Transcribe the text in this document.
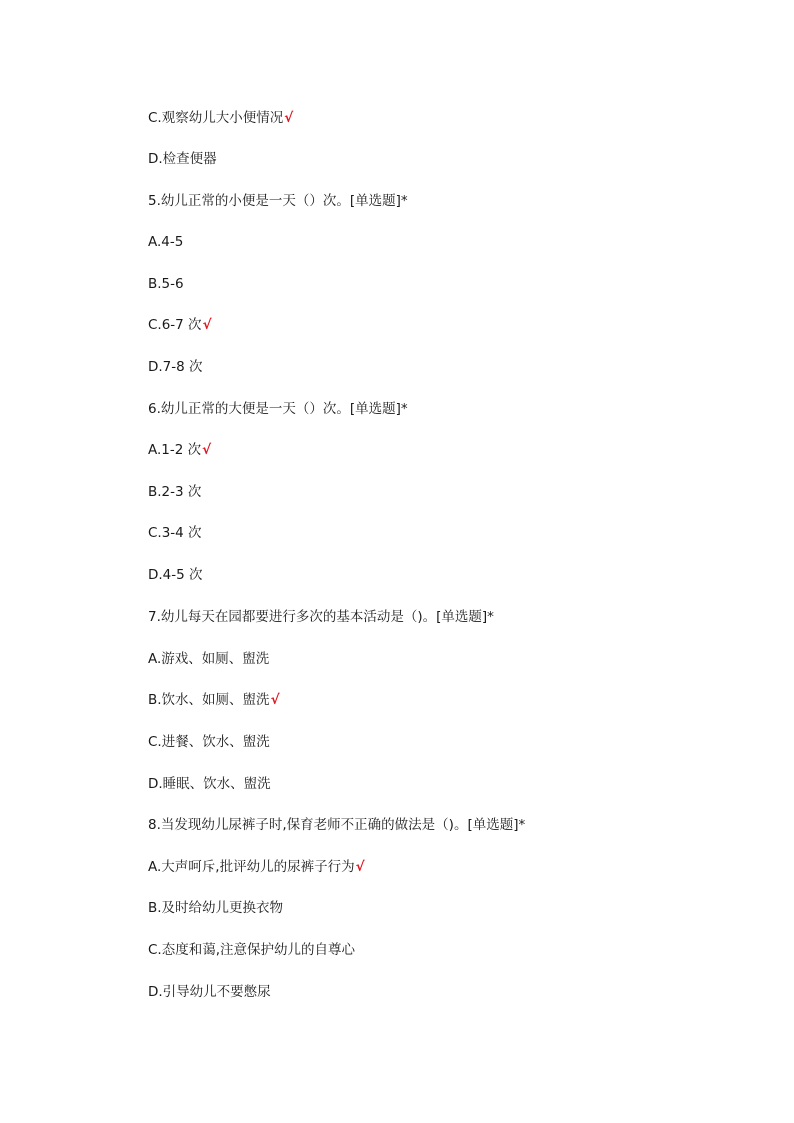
C.观察幼儿大小便情况√
D.检查便器
5.幼儿正常的小便是一天（）次。[单选题]*
A.4-5
B.5-6
C.6-7 次√
D.7-8 次
6.幼儿正常的大便是一天（）次。[单选题]*
A.1-2 次√
B.2-3 次
C.3-4 次
D.4-5 次
7.幼儿每天在园都要进行多次的基本活动是（)。[单选题]*
A.游戏、如厕、盥洗
B.饮水、如厕、盥洗√
C.进餐、饮水、盥洗
D.睡眠、饮水、盥洗
8.当发现幼儿尿裤子时,保育老师不正确的做法是（)。[单选题]*
A.大声呵斥,批评幼儿的尿裤子行为√
B.及时给幼儿更换衣物
C.态度和蔼,注意保护幼儿的自尊心
D.引导幼儿不要憋尿
